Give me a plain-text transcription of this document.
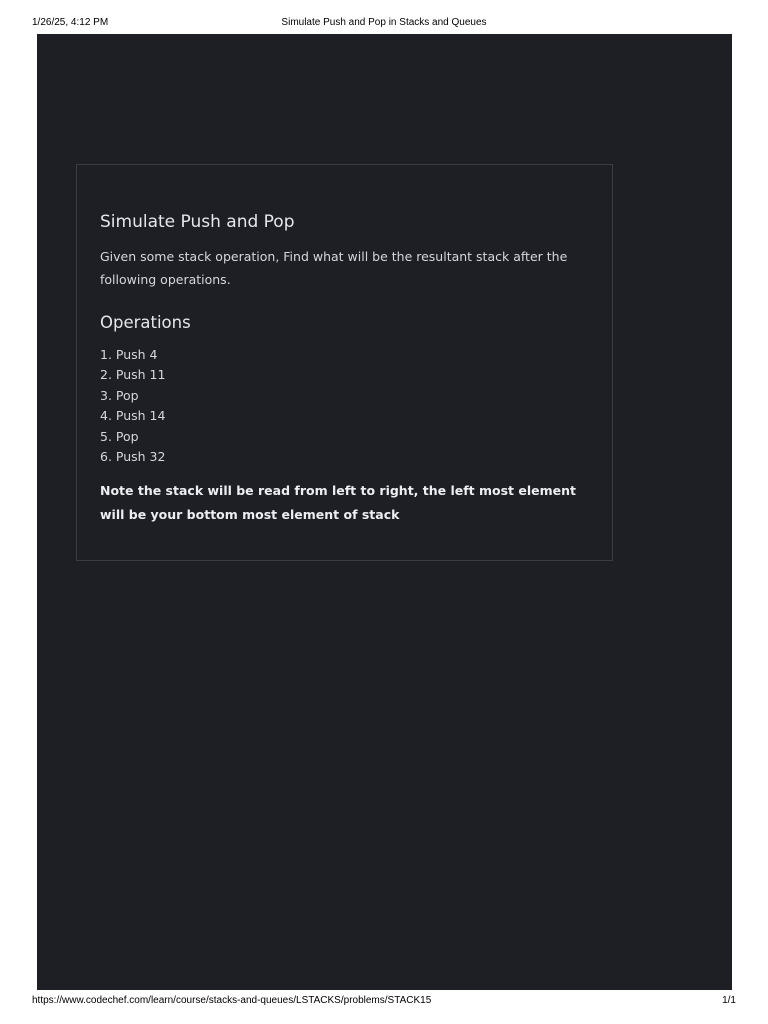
1/26/25, 4:12 PM	Simulate Push and Pop in Stacks and Queues
Simulate Push and Pop

Given some stack operation, Find what will be the resultant stack after the following operations.

Operations
1. Push 4
2. Push 11
3. Pop
4. Push 14
5. Pop
6. Push 32

Note the stack will be read from left to right, the left most element will be your bottom most element of stack

https://www.codechef.com/learn/course/stacks-and-queues/LSTACKS/problems/STACK15	1/1
